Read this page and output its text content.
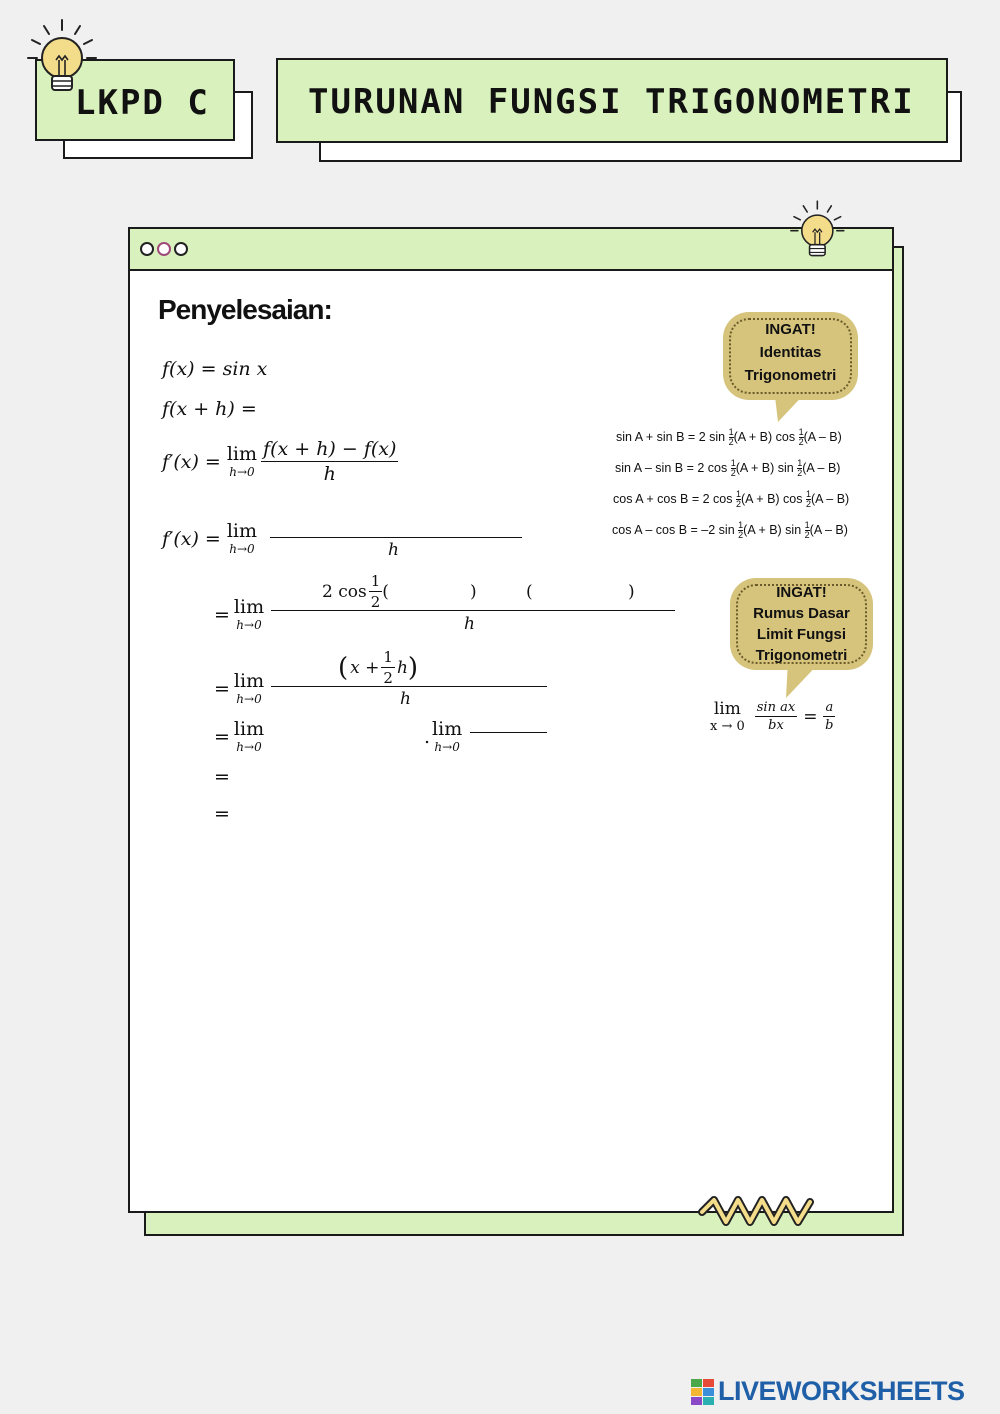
LKPD C	TURUNAN FUNGSI TRIGONOMETRI
Penyelesaian:
f(x) = sin x
f(x + h) =
f′(x) = lim
$h\to 0 \frac{f(x + h) - f(x)}{h}$
f′(x) = lim
h→0	h
= lim
h→0
2 $\cos \frac{1}{2}$ (	)	(	)
h
= lim
h→0
( $x + \frac{1}{2}$ h )
h
= lim
h→0	. lim
h→0
=
=
INGAT!
Identitas
Trigonometri
sin A + sin B = 2 $\sin \frac{1}{2} (A + B)$ $\cos \frac{1}{2} (A - B)$
sin A – sin B = 2 $\cos \frac{1}{2} (A + B)$ $\sin \frac{1}{2} (A - B)$
cos A + cos B = 2 $\cos \frac{1}{2} (A + B)$ $\cos \frac{1}{2} (A - B)$
cos A – cos B = –2 $\sin \frac{1}{2} (A + B)$ $\sin \frac{1}{2} (A - B)$
INGAT!
Rumus Dasar
Limit Fungsi
Trigonometri
lim
$x \to 0 \frac{\text{sin ax}}{bx} = \frac{a}{b}$
LIVEWORKSHEETS
